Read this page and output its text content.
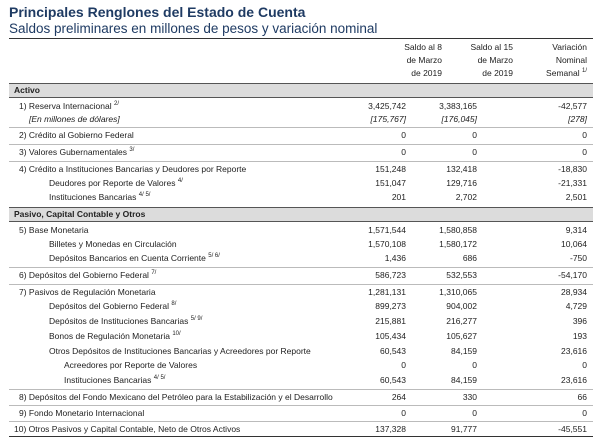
Principales Renglones del Estado de Cuenta
Saldos preliminares en millones de pesos y variación nominal
Saldo al 8
de Marzo
de 2019
Saldo al 15
de Marzo
de 2019
Variación
Nominal
Semanal $^{1/}$
Activo
1) Reserva Internacional $^{2/}$	3,425,742	3,383,165	-42,577
[En millones de dólares]	[175,767]	[176,045]	[278]
2) Crédito al Gobierno Federal	0	0	0
3) Valores Gubernamentales $^{3/}$	0	0	0
4) Crédito a Instituciones Bancarias y Deudores por Reporte	151,248	132,418	-18,830
Deudores por Reporte de Valores $^{4/}$	151,047	129,716	-21,331
Instituciones Bancarias $^{4/ 5/}$	201	2,702	2,501
Pasivo, Capital Contable y Otros
5) Base Monetaria	1,571,544	1,580,858	9,314
Billetes y Monedas en Circulación	1,570,108	1,580,172	10,064
Depósitos Bancarios en Cuenta Corriente $^{5/ 6/}$	1,436	686	-750
6) Depósitos del Gobierno Federal $^{7/}$	586,723	532,553	-54,170
7) Pasivos de Regulación Monetaria	1,281,131	1,310,065	28,934
Depósitos del Gobierno Federal $^{8/}$	899,273	904,002	4,729
Depósitos de Instituciones Bancarias $^{5/ 9/}$	215,881	216,277	396
Bonos de Regulación Monetaria $^{10/}$	105,434	105,627	193
Otros Depósitos de Instituciones Bancarias y Acreedores por Reporte	60,543	84,159	23,616
Acreedores por Reporte de Valores	0	0	0
Instituciones Bancarias $^{4/ 5/}$	60,543	84,159	23,616
8) Depósitos del Fondo Mexicano del Petróleo para la Estabilización y el Desarrollo	264	330	66
9) Fondo Monetario Internacional	0	0	0
10) Otros Pasivos y Capital Contable, Neto de Otros Activos	137,328	91,777	-45,551
